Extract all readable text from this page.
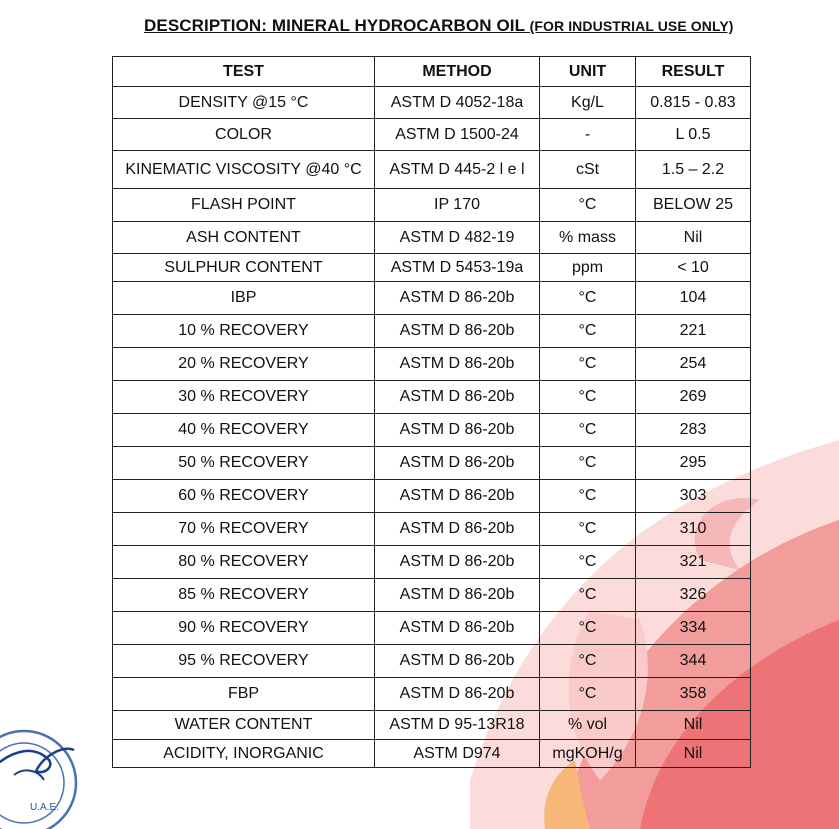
U.A.E.
DESCRIPTION: MINERAL HYDROCARBON OIL (FOR INDUSTRIAL USE ONLY)
TEST	METHOD	UNIT	RESULT
DENSITY @15 °C	ASTM D 4052-18a	Kg/L	0.815 - 0.83
COLOR	ASTM D 1500-24	-	L 0.5
KINEMATIC VISCOSITY @40 °C	ASTM D 445-2 l e l	cSt	1.5 – 2.2
FLASH POINT	IP 170	°C	BELOW 25
ASH CONTENT	ASTM D 482-19	% mass	Nil
SULPHUR CONTENT	ASTM D 5453-19a	ppm	< 10
IBP	ASTM D 86-20b	°C	104
10 % RECOVERY	ASTM D 86-20b	°C	221
20 % RECOVERY	ASTM D 86-20b	°C	254
30 % RECOVERY	ASTM D 86-20b	°C	269
40 % RECOVERY	ASTM D 86-20b	°C	283
50 % RECOVERY	ASTM D 86-20b	°C	295
60 % RECOVERY	ASTM D 86-20b	°C	303
70 % RECOVERY	ASTM D 86-20b	°C	310
80 % RECOVERY	ASTM D 86-20b	°C	321
85 % RECOVERY	ASTM D 86-20b	°C	326
90 % RECOVERY	ASTM D 86-20b	°C	334
95 % RECOVERY	ASTM D 86-20b	°C	344
FBP	ASTM D 86-20b	°C	358
WATER CONTENT	ASTM D 95-13R18	% vol	Nil
ACIDITY, INORGANIC	ASTM D974	mgKOH/g	Nil
